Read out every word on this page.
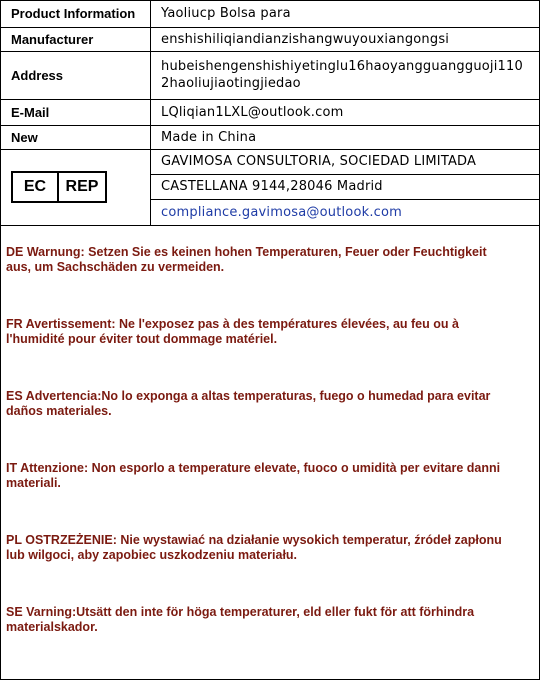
Product Information	Yaoliucp Bolsa para
Manufacturer	enshishiliqiandianzishangwuyouxiangongsi
Address	hubeishengenshishiyetinglu16haoyangguangguoji1102haoliujiaotingjiedao
E-Mail	LQliqian1LXL@outlook.com
New	Made in China

EC REP	GAVIMOSA CONSULTORIA, SOCIEDAD LIMITADA
	CASTELLANA 9144,28046 Madrid
	compliance.gavimosa@outlook.com

DE Warnung: Setzen Sie es keinen hohen Temperaturen, Feuer oder Feuchtigkeit aus, um Sachschäden zu vermeiden.

FR Avertissement: Ne l'exposez pas à des températures élevées, au feu ou à l'humidité pour éviter tout dommage matériel.

ES Advertencia:No lo exponga a altas temperaturas, fuego o humedad para evitar daños materiales.

IT Attenzione: Non esporlo a temperature elevate, fuoco o umidità per evitare danni materiali.

PL OSTRZEŻENIE: Nie wystawiać na działanie wysokich temperatur, źródeł zapłonu lub wilgoci, aby zapobiec uszkodzeniu materiału.

SE Varning:Utsätt den inte för höga temperaturer, eld eller fukt för att förhindra materialskador.
